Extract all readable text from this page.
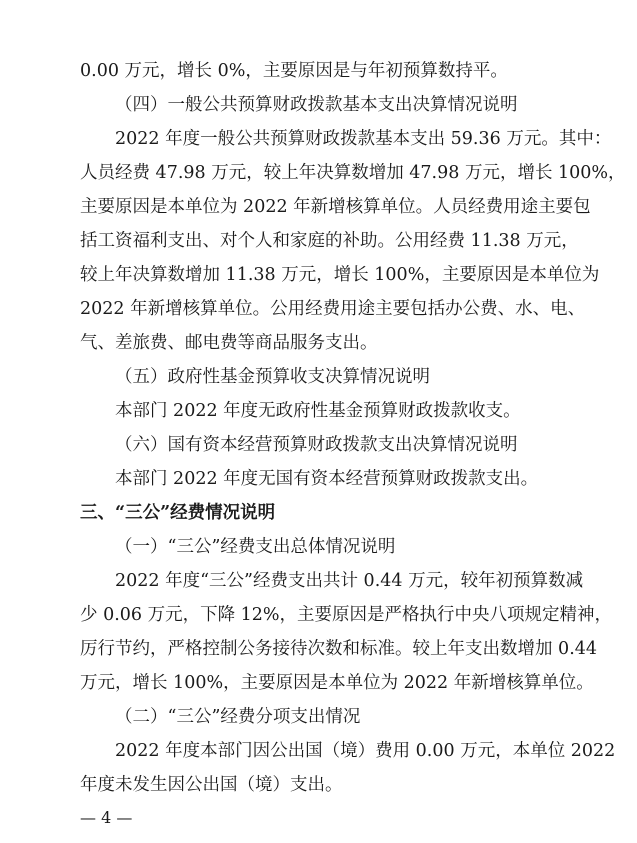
0.00 万元，增长 0%，主要原因是与年初预算数持平。
（四）一般公共预算财政拨款基本支出决算情况说明
　　2022 年度一般公共预算财政拨款基本支出 59.36 万元。其中：
人员经费 47.98 万元，较上年决算数增加 47.98 万元，增长 100%，
主要原因是本单位为 2022 年新增核算单位。人员经费用途主要包
括工资福利支出、对个人和家庭的补助。公用经费 11.38 万元，
较上年决算数增加 11.38 万元，增长 100%，主要原因是本单位为
2022 年新增核算单位。公用经费用途主要包括办公费、水、电、
气、差旅费、邮电费等商品服务支出。
（五）政府性基金预算收支决算情况说明
　　本部门 2022 年度无政府性基金预算财政拨款收支。
（六）国有资本经营预算财政拨款支出决算情况说明
　　本部门 2022 年度无国有资本经营预算财政拨款支出。
三、“三公”经费情况说明
（一）“三公”经费支出总体情况说明
　　2022 年度“三公”经费支出共计 0.44 万元，较年初预算数减
少 0.06 万元，下降 12%，主要原因是严格执行中央八项规定精神，
厉行节约，严格控制公务接待次数和标准。较上年支出数增加 0.44
万元，增长 100%，主要原因是本单位为 2022 年新增核算单位。
（二）“三公”经费分项支出情况
　　2022 年度本部门因公出国（境）费用 0.00 万元，本单位 2022
年度未发生因公出国（境）支出。
— 4 —
